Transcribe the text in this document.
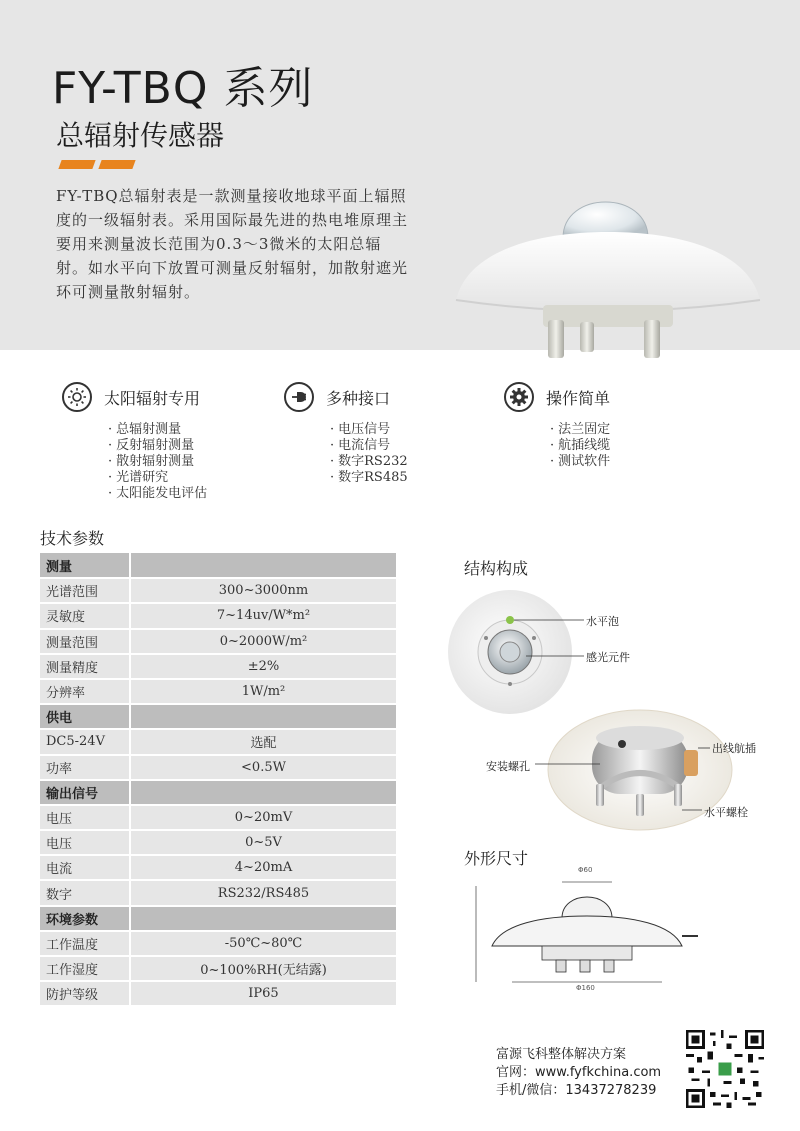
FY-TBQ 系列
总辐射传感器
FY-TBQ总辐射表是一款测量接收地球平面上辐照度的一级辐射表。采用国际最先进的热电堆原理主要用来测量波长范围为0.3～3微米的太阳总辐射。如水平向下放置可测量反射辐射，加散射遮光环可测量散射辐射。
太阳辐射专用
· 总辐射测量
· 反射辐射测量
· 散射辐射测量
· 光谱研究
· 太阳能发电评估
多种接口
· 电压信号
· 电流信号
· 数字RS232
· 数字RS485
操作简单
· 法兰固定
· 航插线缆
· 测试软件
技术参数
测量	
光谱范围	300~3000nm
灵敏度	7~14uv/W*m²
测量范围	0~2000W/m²
测量精度	±2%
分辨率	1W/m²
供电	
DC5-24V	选配
功率	<0.5W
输出信号	
电压	0~20mV
电压	0~5V
电流	4~20mA
数字	RS232/RS485
环境参数	
工作温度	-50℃~80℃
工作湿度	0~100%RH(无结露)
防护等级	IP65
结构构成
水平泡
感光元件
出线航插
安装螺孔
水平螺栓
外形尺寸
Φ60
Φ160
富源飞科整体解决方案
官网：www.fyfkchina.com
手机/微信：13437278239
